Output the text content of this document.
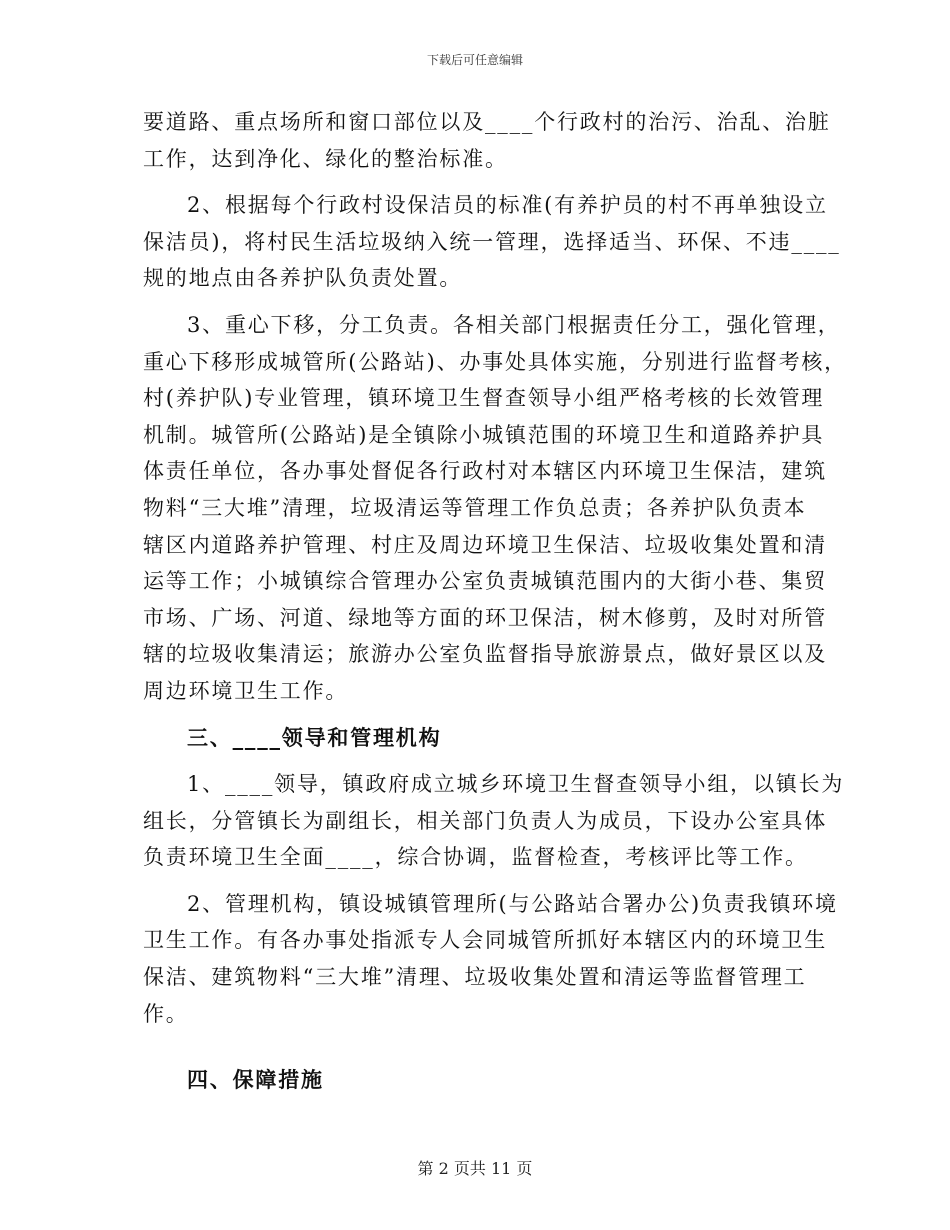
下载后可任意编辑
要道路、重点场所和窗口部位以及____个行政村的治污、治乱、治脏
工作，达到净化、绿化的整治标准。
2、根据每个行政村设保洁员的标准(有养护员的村不再单独设立
保洁员)，将村民生活垃圾纳入统一管理，选择适当、环保、不违____
规的地点由各养护队负责处置。
3、重心下移，分工负责。各相关部门根据责任分工，强化管理，
重心下移形成城管所(公路站)、办事处具体实施，分别进行监督考核，
村(养护队)专业管理，镇环境卫生督查领导小组严格考核的长效管理
机制。城管所(公路站)是全镇除小城镇范围的环境卫生和道路养护具
体责任单位，各办事处督促各行政村对本辖区内环境卫生保洁，建筑
物料“三大堆”清理，垃圾清运等管理工作负总责；各养护队负责本
辖区内道路养护管理、村庄及周边环境卫生保洁、垃圾收集处置和清
运等工作；小城镇综合管理办公室负责城镇范围内的大街小巷、集贸
市场、广场、河道、绿地等方面的环卫保洁，树木修剪，及时对所管
辖的垃圾收集清运；旅游办公室负监督指导旅游景点，做好景区以及
周边环境卫生工作。
三、____领导和管理机构
1、____领导，镇政府成立城乡环境卫生督查领导小组，以镇长为
组长，分管镇长为副组长，相关部门负责人为成员，下设办公室具体
负责环境卫生全面____，综合协调，监督检查，考核评比等工作。
2、管理机构，镇设城镇管理所(与公路站合署办公)负责我镇环境
卫生工作。有各办事处指派专人会同城管所抓好本辖区内的环境卫生
保洁、建筑物料“三大堆”清理、垃圾收集处置和清运等监督管理工
作。
四、保障措施
第 2 页共 11 页
